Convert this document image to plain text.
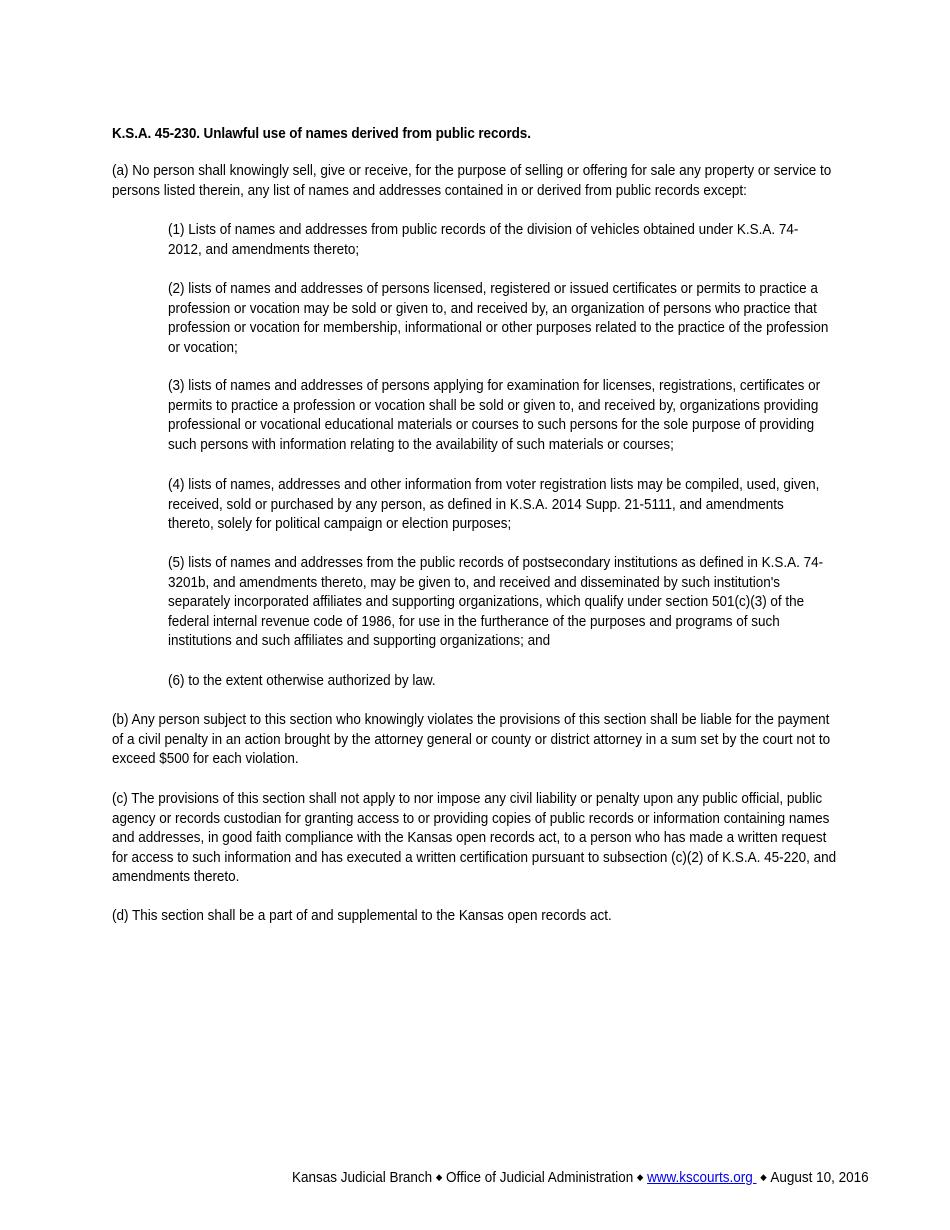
K.S.A. 45-230. Unlawful use of names derived from public records.

(a) No person shall knowingly sell, give or receive, for the purpose of selling or offering for sale any property or service to persons listed therein, any list of names and addresses contained in or derived from public records except:

(1) Lists of names and addresses from public records of the division of vehicles obtained under K.S.A. 74-2012, and amendments thereto;

(2) lists of names and addresses of persons licensed, registered or issued certificates or permits to practice a profession or vocation may be sold or given to, and received by, an organization of persons who practice that profession or vocation for membership, informational or other purposes related to the practice of the profession or vocation;

(3) lists of names and addresses of persons applying for examination for licenses, registrations, certificates or permits to practice a profession or vocation shall be sold or given to, and received by, organizations providing professional or vocational educational materials or courses to such persons for the sole purpose of providing such persons with information relating to the availability of such materials or courses;

(4) lists of names, addresses and other information from voter registration lists may be compiled, used, given, received, sold or purchased by any person, as defined in K.S.A. 2014 Supp. 21-5111, and amendments thereto, solely for political campaign or election purposes;

(5) lists of names and addresses from the public records of postsecondary institutions as defined in K.S.A. 74-3201b, and amendments thereto, may be given to, and received and disseminated by such institution's separately incorporated affiliates and supporting organizations, which qualify under section 501(c)(3) of the federal internal revenue code of 1986, for use in the furtherance of the purposes and programs of such institutions and such affiliates and supporting organizations; and

(6) to the extent otherwise authorized by law.

(b) Any person subject to this section who knowingly violates the provisions of this section shall be liable for the payment of a civil penalty in an action brought by the attorney general or county or district attorney in a sum set by the court not to exceed $500 for each violation.

(c) The provisions of this section shall not apply to nor impose any civil liability or penalty upon any public official, public agency or records custodian for granting access to or providing copies of public records or information containing names and addresses, in good faith compliance with the Kansas open records act, to a person who has made a written request for access to such information and has executed a written certification pursuant to subsection (c)(2) of K.S.A. 45-220, and amendments thereto.

(d) This section shall be a part of and supplemental to the Kansas open records act.

Kansas Judicial Branch ◆ Office of Judicial Administration ◆ www.kscourts.org ◆ August 10, 2016
